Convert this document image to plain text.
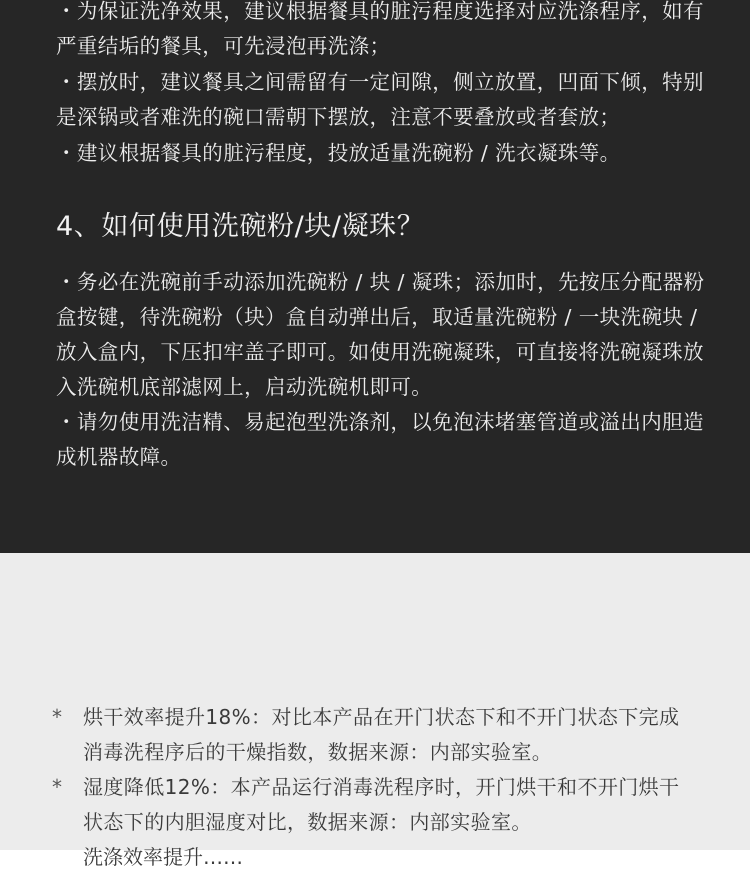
・为保证洗净效果，建议根据餐具的脏污程度选择对应洗涤程序，如有严重结垢的餐具，可先浸泡再洗涤；

・摆放时，建议餐具之间需留有一定间隙，侧立放置，凹面下倾，特别是深锅或者难洗的碗口需朝下摆放，注意不要叠放或者套放；

・建议根据餐具的脏污程度，投放适量洗碗粉 / 洗衣凝珠等。

4、如何使用洗碗粉/块/凝珠？

・务必在洗碗前手动添加洗碗粉 / 块 / 凝珠；添加时，先按压分配器粉盒按键，待洗碗粉（块）盒自动弹出后，取适量洗碗粉 / 一块洗碗块 / 放入盒内，下压扣牢盖子即可。如使用洗碗凝珠，可直接将洗碗凝珠放入洗碗机底部滤网上，启动洗碗机即可。

・请勿使用洗洁精、易起泡型洗涤剂，以免泡沫堵塞管道或溢出内胆造成机器故障。

*	烘干效率提升18%：对比本产品在开门状态下和不开门状态下完成消毒洗程序后的干燥指数，数据来源：内部实验室。
*	湿度降低12%：本产品运行消毒洗程序时，开门烘干和不开门烘干状态下的内胆湿度对比，数据来源：内部实验室。
洗涤效率提升……
